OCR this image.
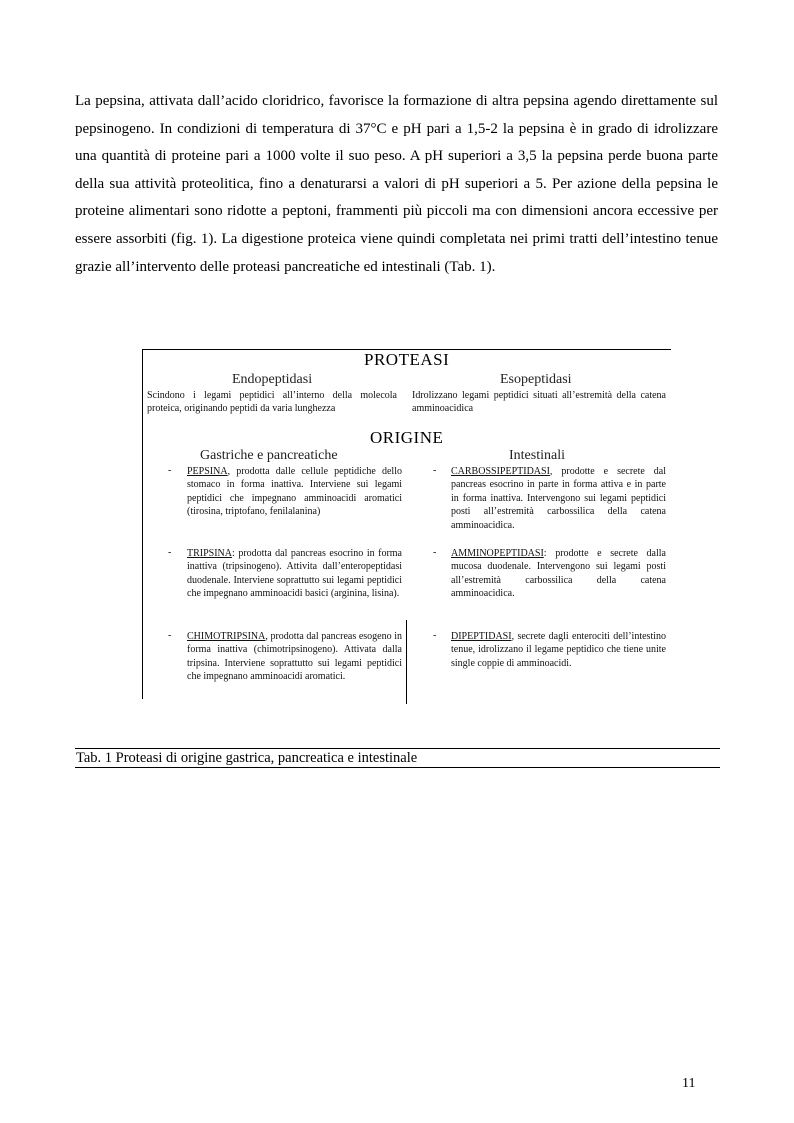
La pepsina, attivata dall’acido cloridrico, favorisce la formazione di altra pepsina agendo direttamente sul pepsinogeno. In condizioni di temperatura di 37°C e pH pari a 1,5-2 la pepsina è in grado di idrolizzare una quantità di proteine pari a 1000 volte il suo peso. A pH superiori a 3,5 la pepsina perde buona parte della sua attività proteolitica, fino a denaturarsi a valori di pH superiori a 5. Per azione della pepsina le proteine alimentari sono ridotte a peptoni, frammenti più piccoli ma con dimensioni ancora eccessive per essere assorbiti (fig. 1). La digestione proteica viene quindi completata nei primi tratti dell’intestino tenue grazie all’intervento delle proteasi pancreatiche ed intestinali (Tab. 1).

PROTEASI
Endopeptidasi	Esopeptidasi
Scindono i legami peptidici all’interno della molecola proteica, originando peptidi da varia lunghezza
Idrolizzano legami peptidici situati all’estremità della catena amminoacidica
ORIGINE
Gastriche e pancreatiche	Intestinali
- PEPSINA, prodotta dalle cellule peptidiche dello stomaco in forma inattiva. Interviene sui legami peptidici che impegnano amminoacidi aromatici (tirosina, triptofano, fenilalanina)
- TRIPSINA: prodotta dal pancreas esocrino in forma inattiva (tripsinogeno). Attivita dall’enteropeptidasi duodenale. Interviene soprattutto sui legami peptidici che impegnano amminoacidi basici (arginina, lisina).
- CHIMOTRIPSINA, prodotta dal pancreas esogeno in forma inattiva (chimotripsinogeno). Attivata dalla tripsina. Interviene soprattutto sui legami peptidici che impegnano amminoacidi aromatici.
- CARBOSSIPEPTIDASI, prodotte e secrete dal pancreas esocrino in parte in forma attiva e in parte in forma inattiva. Intervengono sui legami peptidici posti all’estremità carbossilica della catena amminoacidica.
- AMMINOPEPTIDASI: prodotte e secrete dalla mucosa duodenale. Intervengono sui legami posti all’estremità carbossilica della catena amminoacidica.
- DIPEPTIDASI, secrete dagli enterociti dell’intestino tenue, idrolizzano il legame peptidico che tiene unite single coppie di amminoacidi.
Tab. 1 Proteasi di origine gastrica, pancreatica e intestinale
11
